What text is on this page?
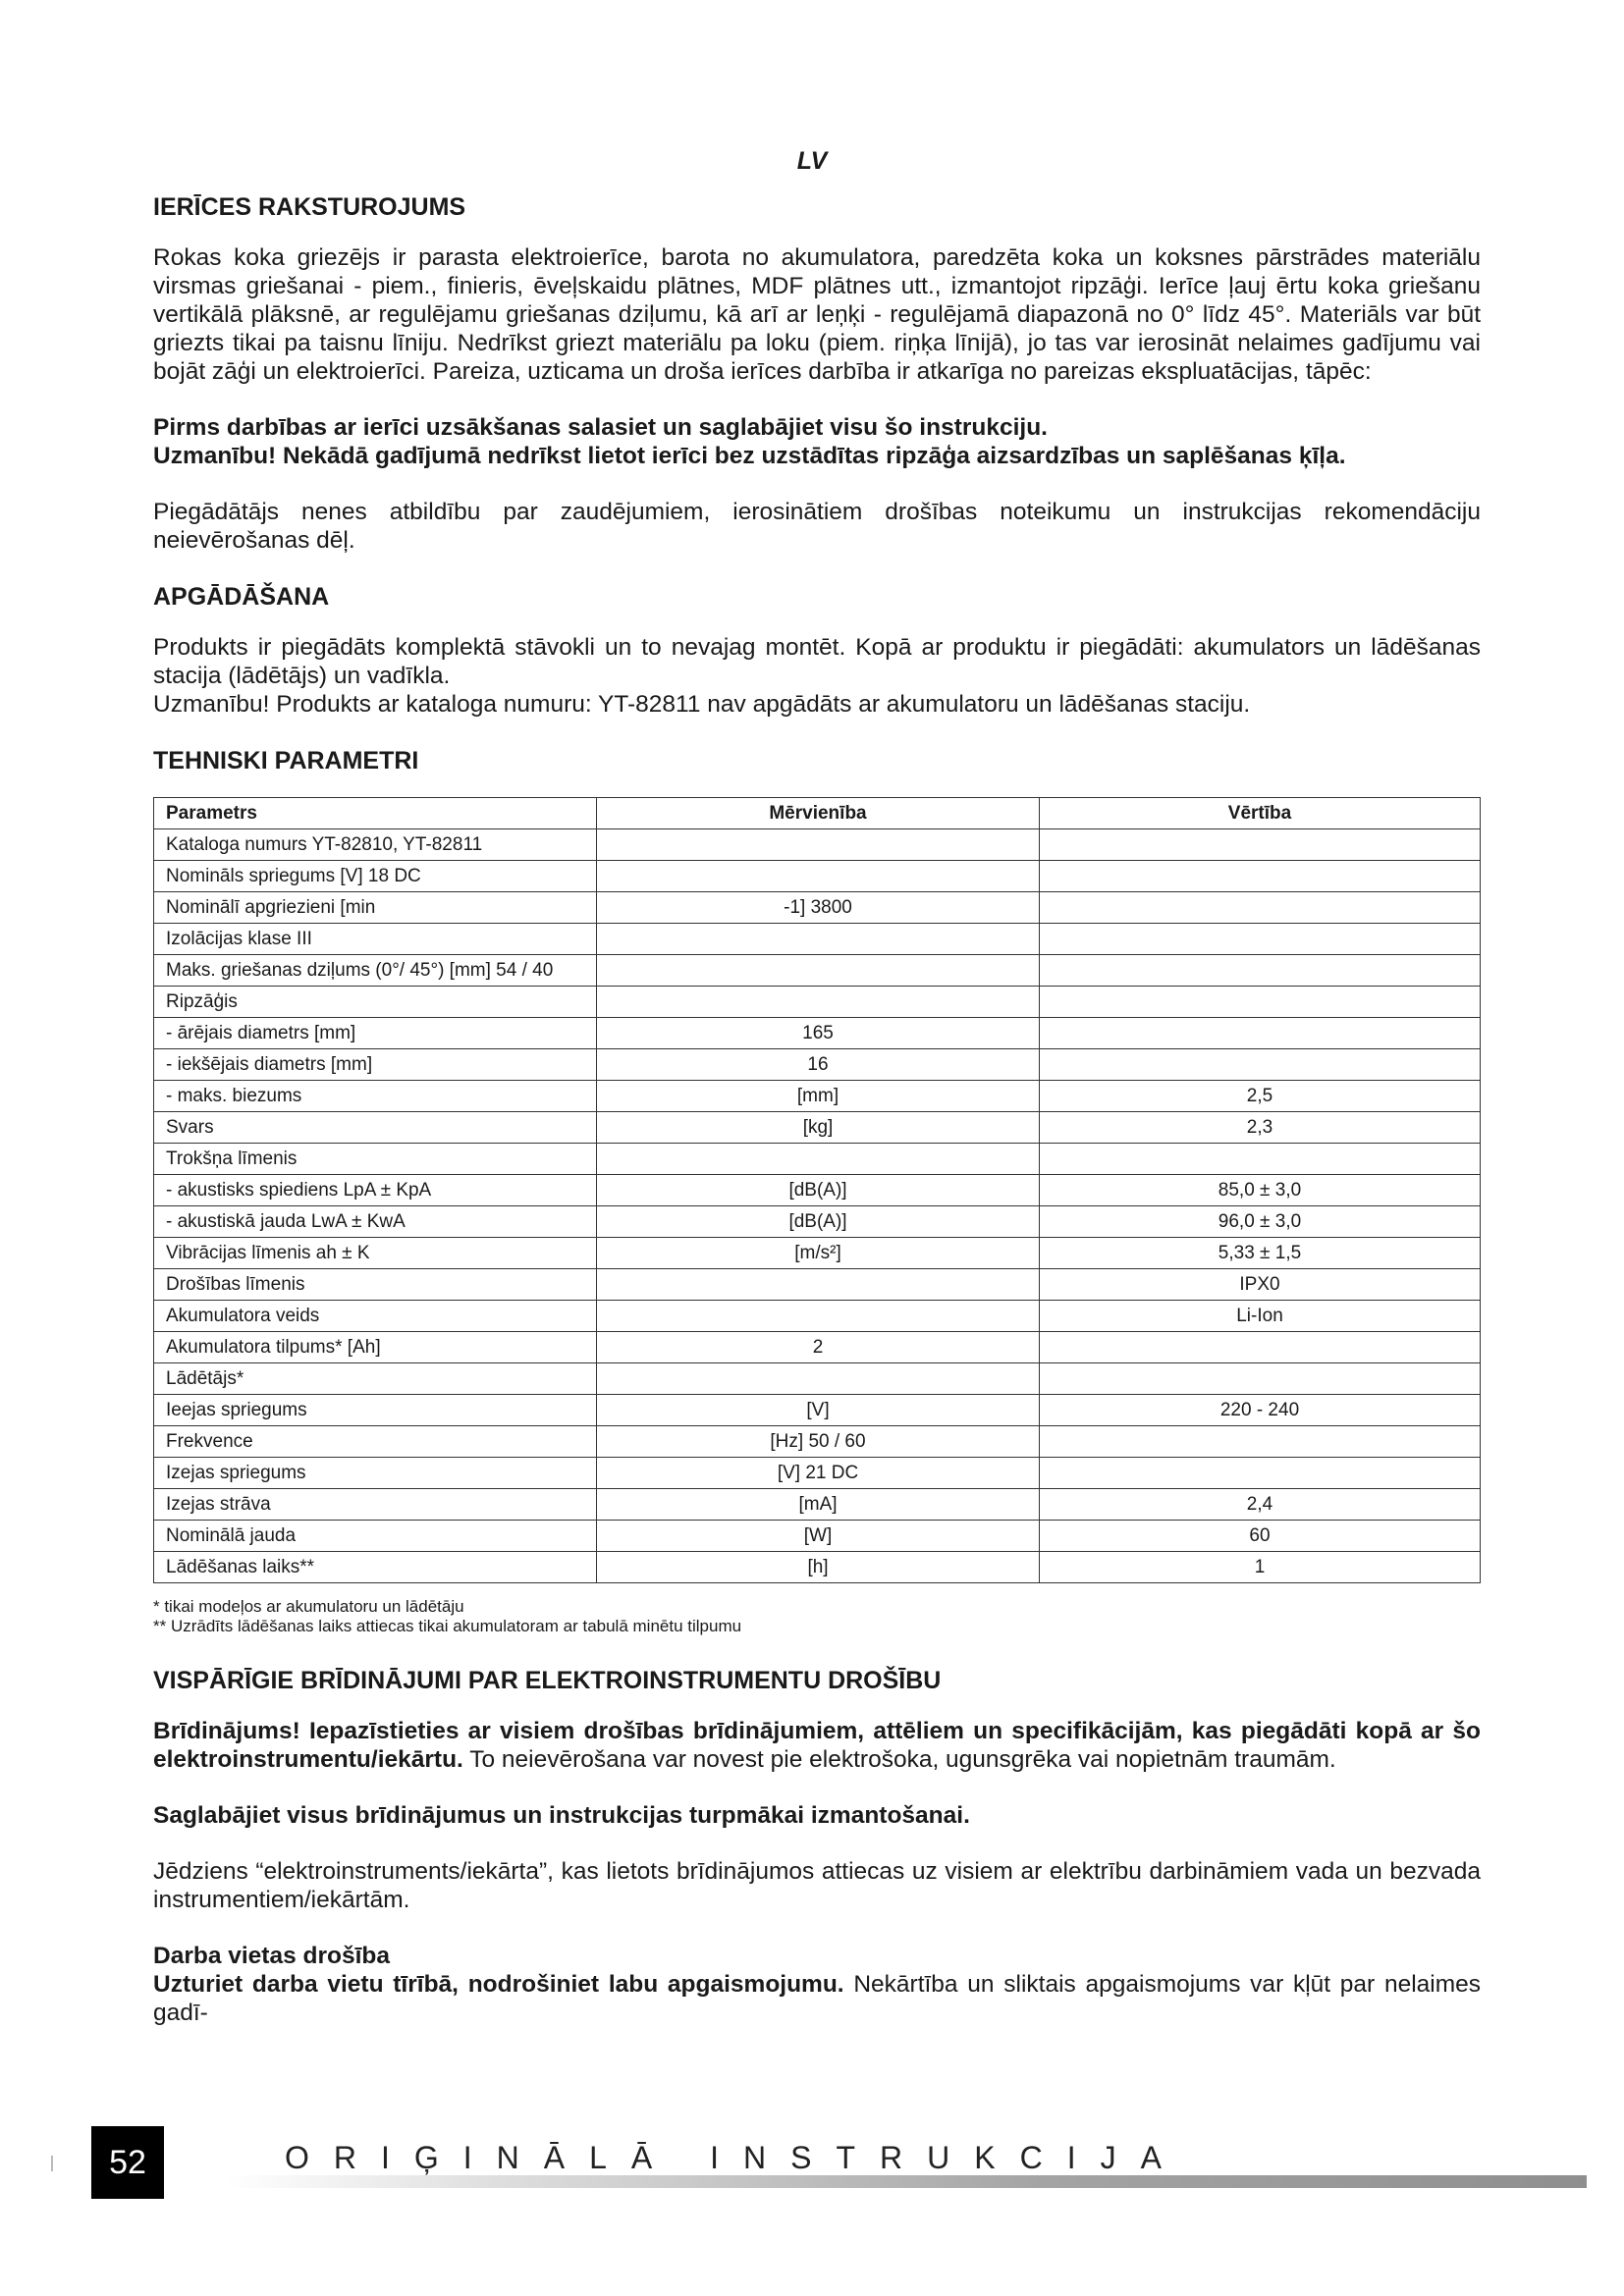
LV
IERĪCES RAKSTUROJUMS

Rokas koka griezējs ir parasta elektroierīce, barota no akumulatora, paredzēta koka un koksnes pārstrādes materiālu virsmas griešanai - piem., finieris, ēveļskaidu plātnes, MDF plātnes utt., izmantojot ripzāģi. Ierīce ļauj ērtu koka griešanu vertikālā plāksnē, ar regulējamu griešanas dziļumu, kā arī ar leņķi - regulējamā diapazonā no 0° līdz 45°. Materiāls var būt griezts tikai pa taisnu līniju. Nedrīkst griezt materiālu pa loku (piem. riņķa līnijā), jo tas var ierosināt nelaimes gadījumu vai bojāt zāģi un elektroierīci. Pareiza, uzticama un droša ierīces darbība ir atkarīga no pareizas ekspluatācijas, tāpēc:

Pirms darbības ar ierīci uzsākšanas salasiet un saglabājiet visu šo instrukciju.

Uzmanību! Nekādā gadījumā nedrīkst lietot ierīci bez uzstādītas ripzāģa aizsardzības un saplēšanas ķīļa.

Piegādātājs nenes atbildību par zaudējumiem, ierosinātiem drošības noteikumu un instrukcijas rekomendāciju neievērošanas dēļ.

APGĀDĀŠANA

Produkts ir piegādāts komplektā stāvokli un to nevajag montēt. Kopā ar produktu ir piegādāti: akumulators un lādēšanas stacija (lādētājs) un vadīkla.

Uzmanību! Produkts ar kataloga numuru: YT-82811 nav apgādāts ar akumulatoru un lādēšanas staciju.

TEHNISKI PARAMETRI
Parametrs	Mērvienība	Vērtība
Kataloga numurs YT-82810, YT-82811		
Nomināls spriegums [V] 18 DC		
Nominālī apgriezieni [min	-1] 3800	
Izolācijas klase III		
Maks. griešanas dziļums (0°/ 45°) [mm] 54 / 40		
Ripzāģis		
- ārējais diametrs [mm]	165	
- iekšējais diametrs [mm]	16	
- maks. biezums	[mm]	2,5
Svars	[kg]	2,3
Trokšņa līmenis		
- akustisks spiediens LpA ± KpA	[dB(A)]	85,0 ± 3,0
- akustiskā jauda LwA ± KwA	[dB(A)]	96,0 ± 3,0
Vibrācijas līmenis ah ± K	[m/s²]	5,33 ± 1,5
Drošības līmenis		IPX0
Akumulatora veids		Li-Ion
Akumulatora tilpums* [Ah]	2	
Lādētājs*		
Ieejas spriegums	[V]	220 - 240
Frekvence	[Hz] 50 / 60	
Izejas spriegums	[V] 21 DC	
Izejas strāva	[mA]	2,4
Nominālā jauda	[W]	60
Lādēšanas laiks**	[h]	1
* tikai modeļos ar akumulatoru un lādētāju
** Uzrādīts lādēšanas laiks attiecas tikai akumulatoram ar tabulā minētu tilpumu
VISPĀRĪGIE BRĪDINĀJUMI PAR ELEKTROINSTRUMENTU DROŠĪBU

Brīdinājums! Iepazīstieties ar visiem drošības brīdinājumiem, attēliem un specifikācijām, kas piegādāti kopā ar šo elektroinstrumentu/iekārtu. To neievērošana var novest pie elektrošoka, ugunsgrēka vai nopietnām traumām.

Saglabājiet visus brīdinājumus un instrukcijas turpmākai izmantošanai.

Jēdziens “elektroinstruments/iekārta”, kas lietots brīdinājumos attiecas uz visiem ar elektrību darbināmiem vada un bezvada instrumentiem/iekārtām.

Darba vietas drošība

Uzturiet darba vietu tīrībā, nodrošiniet labu apgaismojumu. Nekārtība un sliktais apgaismojums var kļūt par nelaimes gadī-

52	ORIĢINĀLĀ INSTRUKCIJA
